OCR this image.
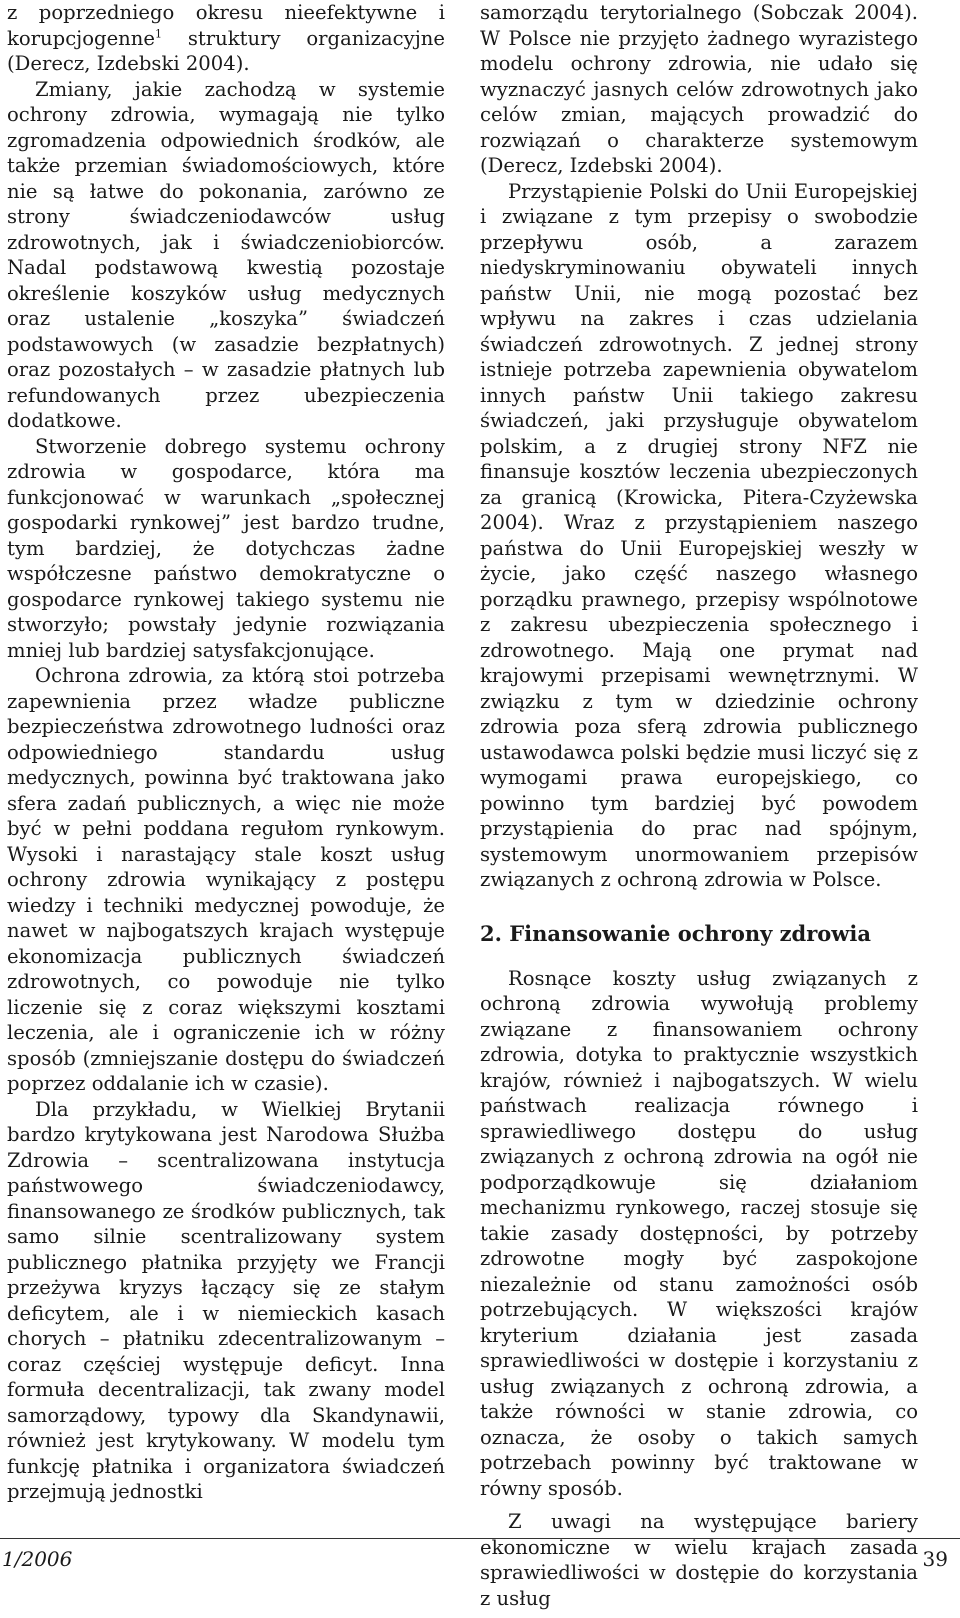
z poprzedniego okresu nieefektywne i korupcjogenne$^1$ struktury organizacyjne (Derecz, Izdebski 2004).

Zmiany, jakie zachodzą w systemie ochrony zdrowia, wymagają nie tylko zgromadzenia odpowiednich środków, ale także przemian świadomościowych, które nie są łatwe do pokonania, zarówno ze strony świadczeniodawców usług zdrowotnych, jak i świadczeniobiorców. Nadal podstawową kwestią pozostaje określenie koszyków usług medycznych oraz ustalenie „koszyka” świadczeń podstawowych (w zasadzie bezpłatnych) oraz pozostałych – w zasadzie płatnych lub refundowanych przez ubezpieczenia dodatkowe.

Stworzenie dobrego systemu ochrony zdrowia w gospodarce, która ma funkcjonować w warunkach „społecznej gospodarki rynkowej” jest bardzo trudne, tym bardziej, że dotychczas żadne współczesne państwo demokratyczne o gospodarce rynkowej takiego systemu nie stworzyło; powstały jedynie rozwiązania mniej lub bardziej satysfakcjonujące.

Ochrona zdrowia, za którą stoi potrzeba zapewnienia przez władze publiczne bezpieczeństwa zdrowotnego ludności oraz odpowiedniego standardu usług medycznych, powinna być traktowana jako sfera zadań publicznych, a więc nie może być w pełni poddana regułom rynkowym. Wysoki i narastający stale koszt usług ochrony zdrowia wynikający z postępu wiedzy i techniki medycznej powoduje, że nawet w najbogatszych krajach występuje ekonomizacja publicznych świadczeń zdrowotnych, co powoduje nie tylko liczenie się z coraz większymi kosztami leczenia, ale i ograniczenie ich w różny sposób (zmniejszanie dostępu do świadczeń poprzez oddalanie ich w czasie).

Dla przykładu, w Wielkiej Brytanii bardzo krytykowana jest Narodowa Służba Zdrowia – scentralizowana instytucja państwowego świadczeniodawcy, finansowanego ze środków publicznych, tak samo silnie scentralizowany system publicznego płatnika przyjęty we Francji przeżywa kryzys łączący się ze stałym deficytem, ale i w niemieckich kasach chorych – płatniku zdecentralizowanym – coraz częściej występuje deficyt. Inna formuła decentralizacji, tak zwany model samorządowy, typowy dla Skandynawii, również jest krytykowany. W modelu tym funkcję płatnika i organizatora świadczeń przejmują jednostki

samorządu terytorialnego (Sobczak 2004). W Polsce nie przyjęto żadnego wyrazistego modelu ochrony zdrowia, nie udało się wyznaczyć jasnych celów zdrowotnych jako celów zmian, mających prowadzić do rozwiązań o charakterze systemowym (Derecz, Izdebski 2004).

Przystąpienie Polski do Unii Europejskiej i związane z tym przepisy o swobodzie przepływu osób, a zarazem niedyskryminowaniu obywateli innych państw Unii, nie mogą pozostać bez wpływu na zakres i czas udzielania świadczeń zdrowotnych. Z jednej strony istnieje potrzeba zapewnienia obywatelom innych państw Unii takiego zakresu świadczeń, jaki przysługuje obywatelom polskim, a z drugiej strony NFZ nie finansuje kosztów leczenia ubezpieczonych za granicą (Krowicka, Pitera-Czyżewska 2004). Wraz z przystąpieniem naszego państwa do Unii Europejskiej weszły w życie, jako część naszego własnego porządku prawnego, przepisy wspólnotowe z zakresu ubezpieczenia społecznego i zdrowotnego. Mają one prymat nad krajowymi przepisami wewnętrznymi. W związku z tym w dziedzinie ochrony zdrowia poza sferą zdrowia publicznego ustawodawca polski będzie musi liczyć się z wymogami prawa europejskiego, co powinno tym bardziej być powodem przystąpienia do prac nad spójnym, systemowym unormowaniem przepisów związanych z ochroną zdrowia w Polsce.

2. Finansowanie ochrony zdrowia

Rosnące koszty usług związanych z ochroną zdrowia wywołują problemy związane z finansowaniem ochrony zdrowia, dotyka to praktycznie wszystkich krajów, również i najbogatszych. W wielu państwach realizacja równego i sprawiedliwego dostępu do usług związanych z ochroną zdrowia na ogół nie podporządkowuje się działaniom mechanizmu rynkowego, raczej stosuje się takie zasady dostępności, by potrzeby zdrowotne mogły być zaspokojone niezależnie od stanu zamożności osób potrzebujących. W większości krajów kryterium działania jest zasada sprawiedliwości w dostępie i korzystaniu z usług związanych z ochroną zdrowia, a także równości w stanie zdrowia, co oznacza, że osoby o takich samych potrzebach powinny być traktowane w równy sposób.

Z uwagi na występujące bariery ekonomiczne w wielu krajach zasada sprawiedliwości w dostępie do korzystania z usług

1/2006	39
